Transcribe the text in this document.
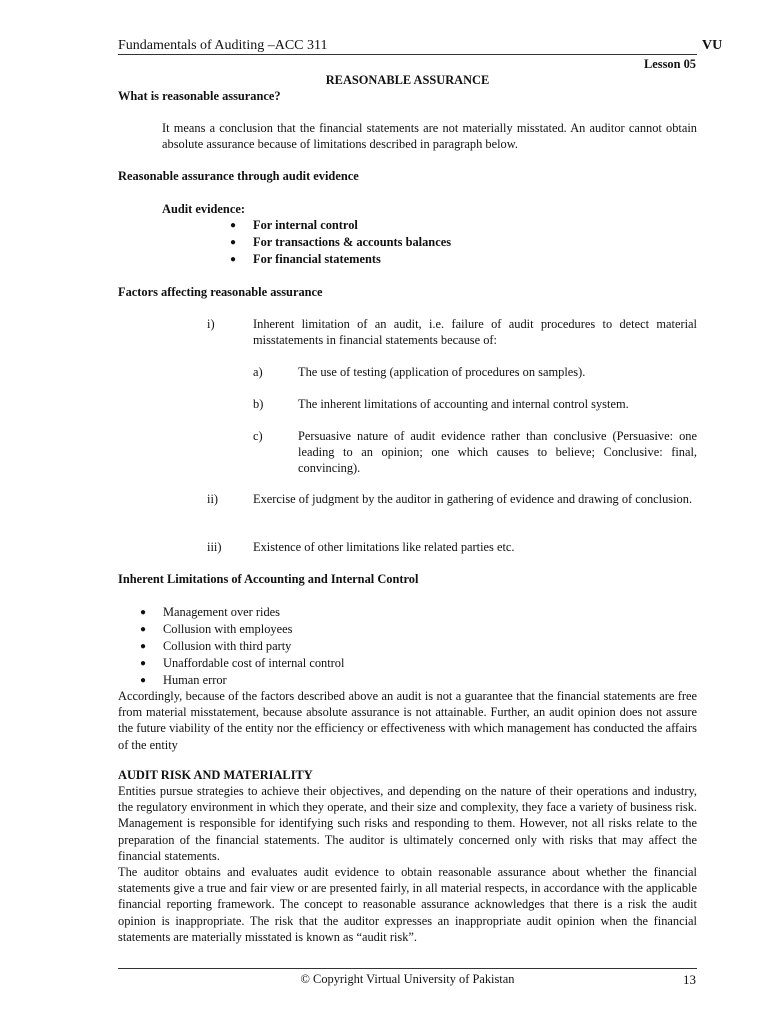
Fundamentals of Auditing –ACC 311	VU
Lesson 05
REASONABLE ASSURANCE
What is reasonable assurance?
It means a conclusion that the financial statements are not materially misstated. An auditor cannot obtain absolute assurance because of limitations described in paragraph below.
Reasonable assurance through audit evidence
Audit evidence:
● For internal control
● For transactions & accounts balances
● For financial statements
Factors affecting reasonable assurance
i)	Inherent limitation of an audit, i.e. failure of audit procedures to detect material misstatements in financial statements because of:
a)	The use of testing (application of procedures on samples).
b)	The inherent limitations of accounting and internal control system.
c)	Persuasive nature of audit evidence rather than conclusive (Persuasive: one leading to an opinion; one which causes to believe; Conclusive: final, convincing).
ii)	Exercise of judgment by the auditor in gathering of evidence and drawing of conclusion.
iii)	Existence of other limitations like related parties etc.
Inherent Limitations of Accounting and Internal Control
● Management over rides
● Collusion with employees
● Collusion with third party
● Unaffordable cost of internal control
● Human error
Accordingly, because of the factors described above an audit is not a guarantee that the financial statements are free from material misstatement, because absolute assurance is not attainable. Further, an audit opinion does not assure the future viability of the entity nor the efficiency or effectiveness with which management has conducted the affairs of the entity
AUDIT RISK AND MATERIALITY
Entities pursue strategies to achieve their objectives, and depending on the nature of their operations and industry, the regulatory environment in which they operate, and their size and complexity, they face a variety of business risk. Management is responsible for identifying such risks and responding to them. However, not all risks relate to the preparation of the financial statements. The auditor is ultimately concerned only with risks that may affect the financial statements.
The auditor obtains and evaluates audit evidence to obtain reasonable assurance about whether the financial statements give a true and fair view or are presented fairly, in all material respects, in accordance with the applicable financial reporting framework. The concept to reasonable assurance acknowledges that there is a risk the audit opinion is inappropriate. The risk that the auditor expresses an inappropriate audit opinion when the financial statements are materially misstated is known as “audit risk”.
© Copyright Virtual University of Pakistan	13
